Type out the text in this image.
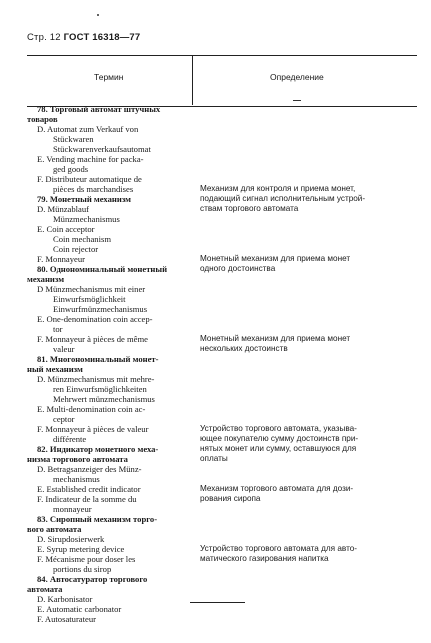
Стр. 12 ГОСТ 16318—77
Термин	Определение
78. Торговый автомат штучных
товаров
D. Automat zum Verkauf von
Stückwaren
Stückwarenverkaufsautomat
E. Vending machine for packa-
ged goods
F. Distributeur automatique de
pièces ds marchandises
79. Монетный механизм
D. Münzablauf
Münzmechanismus
E. Coin acceptor
Coin mechanism
Coin rejector
F. Monnayeur
80. Однономинальный монетный
механизм
D Münzmechanismus mit einer
Einwurfsmöglichkeit
Einwurfmünzmechanismus
E. One-denomination coin accep-
tor
F. Monnayeur à pièces de même
valeur
81. Многономинальный монет-
ный механизм
D. Münzmechanismus mit mehre-
ren Einwurfsmöglichkeiten
Mehrwert münzmechanismus
E. Multi-denomination coin ac-
ceptor
F. Monnayeur à pièces de valeur
différente
82. Индикатор монетного меха-
низма торгового автомата
D. Betragsanzeiger des Münz-
mechanismus
E. Established credit indicator
F. Indicateur de la somme du
monnayeur
83. Сиропный механизм торго-
вого автомата
D. Sirupdosierwerk
E. Syrup metering device
F. Mécanisme pour doser les
portions du sirop
84. Автосатуратор торгового
автомата
D. Karbonisator
E. Automatic carbonator
F. Autosaturateur
Механизм для контроля и приема монет,
подающий сигнал исполнительным устрой-
ствам торгового автомата
Монетный механизм для приема монет
одного достоинства
Монетный механизм для приема монет
нескольких достоинств
Устройство торгового автомата, указыва-
ющее покупателю сумму достоинств при-
нятых монет или сумму, оставшуюся для
оплаты
Механизм торгового автомата для дози-
рования сиропа
Устройство торгового автомата для авто-
матического газирования напитка
